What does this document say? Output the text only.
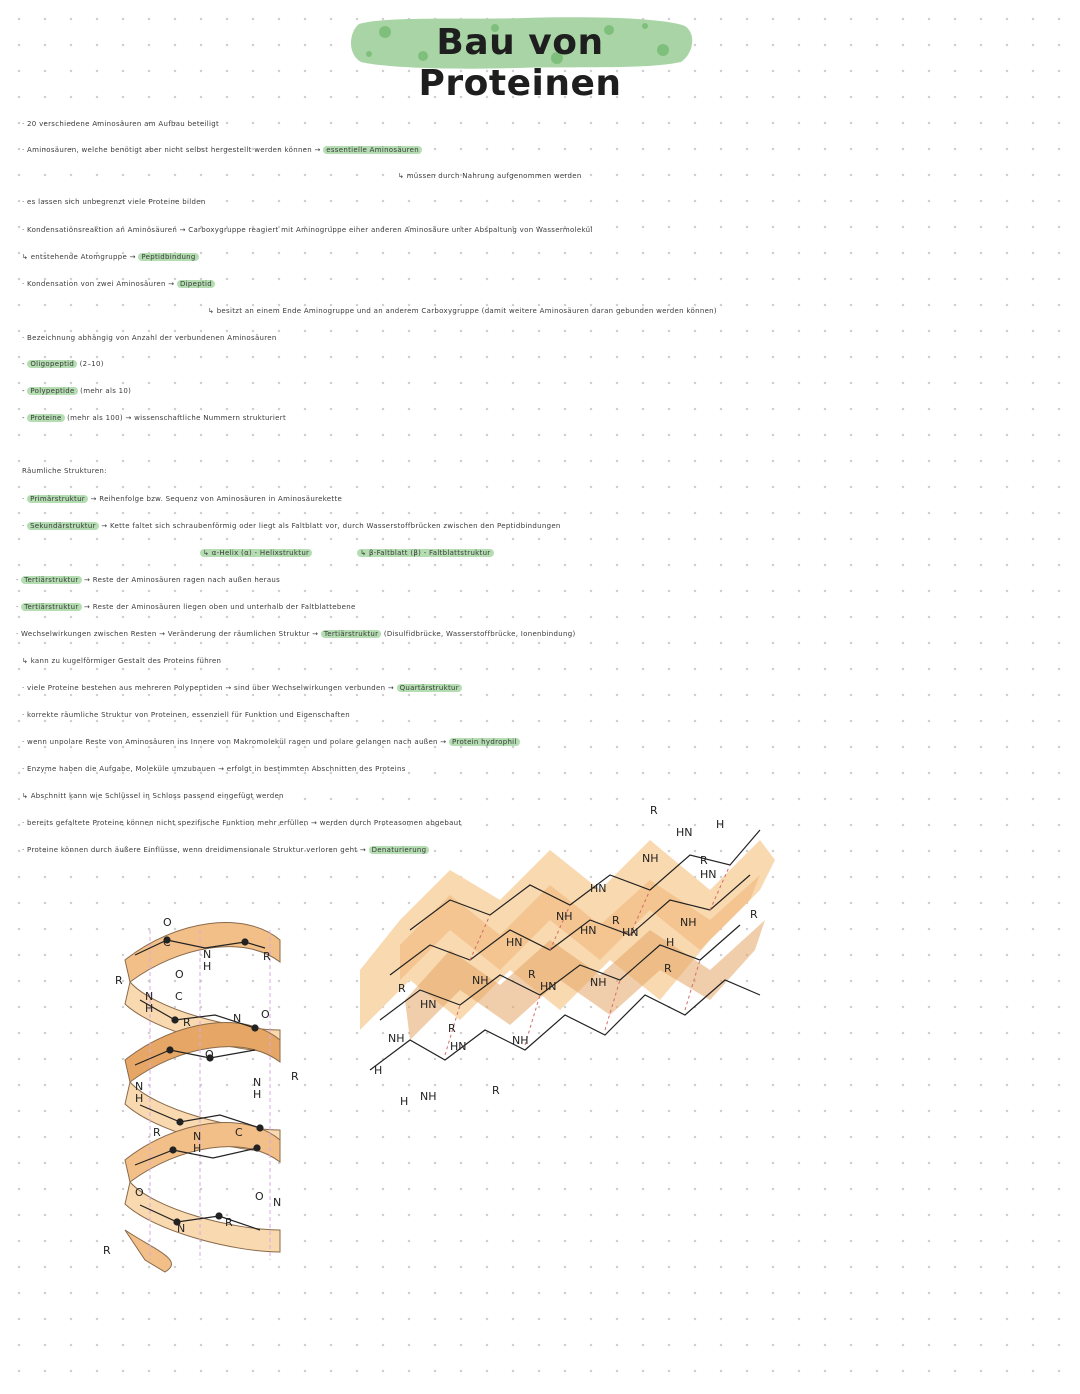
Bau von Proteinen
· 20 verschiedene Aminosäuren am Aufbau beteiligt
· Aminosäuren, welche benötigt aber nicht selbst hergestellt werden können → essentielle Aminosäuren
↳ müssen durch Nahrung aufgenommen werden
· es lassen sich unbegrenzt viele Proteine bilden
· Kondensationsreaktion an Aminosäuren → Carboxygruppe reagiert mit Aminogruppe einer anderen Aminosäure unter Abspaltung von Wassermolekül
↳ entstehende Atomgruppe → Peptidbindung
· Kondensation von zwei Aminosäuren → Dipeptid
↳ besitzt an einem Ende Aminogruppe und an anderem Carboxygruppe (damit weitere Aminosäuren daran gebunden werden können)
· Bezeichnung abhängig von Anzahl der verbundenen Aminosäuren
- Oligopeptid (2–10)
- Polypeptide (mehr als 10)
- Proteine (mehr als 100) → wissenschaftliche Nummern strukturiert
Räumliche Strukturen:
· Primärstruktur → Reihenfolge bzw. Sequenz von Aminosäuren in Aminosäurekette
· Sekundärstruktur → Kette faltet sich schraubenförmig oder liegt als Faltblatt vor, durch Wasserstoffbrücken zwischen den Peptidbindungen
↳ α-Helix (α) - Helixstruktur	↳ β-Faltblatt (β) - Faltblattstruktur
· Tertiärstruktur → Reste der Aminosäuren ragen nach außen heraus
· Tertiärstruktur → Reste der Aminosäuren liegen oben und unterhalb der Faltblattebene
· Wechselwirkungen zwischen Resten → Veränderung der räumlichen Struktur → Tertiärstruktur (Disulfidbrücke, Wasserstoffbrücke, Ionenbindung)
↳ kann zu kugelförmiger Gestalt des Proteins führen
· viele Proteine bestehen aus mehreren Polypeptiden → sind über Wechselwirkungen verbunden → Quartärstruktur
· korrekte räumliche Struktur von Proteinen, essenziell für Funktion und Eigenschaften
· wenn unpolare Reste von Aminosäuren ins Innere von Makromolekül ragen und polare gelangen nach außen → Protein hydrophil
· Enzyme haben die Aufgabe, Moleküle umzubauen → erfolgt in bestimmten Abschnitten des Proteins
↳ Abschnitt kann wie Schlüssel in Schloss passend eingefügt werden
· bereits gefaltete Proteine können nicht spezifische Funktion mehr erfüllen → werden durch Proteasomen abgebaut
· Proteine können durch äußere Einflüsse, wenn dreidimensionale Struktur verloren geht → Denaturierung
O
C
N
H
R
R
N
H
O
C
R	N O
O
N
H
N
H
R
R	N
H
C
O
N	R
O N
R
H
H NH
NH
R
HN
HN
R
NH
NH
R
HN
R
HN	NH
HN
NH
HN
R
HN
NH
R
NH
HN
H
R
R
HN
R
H
